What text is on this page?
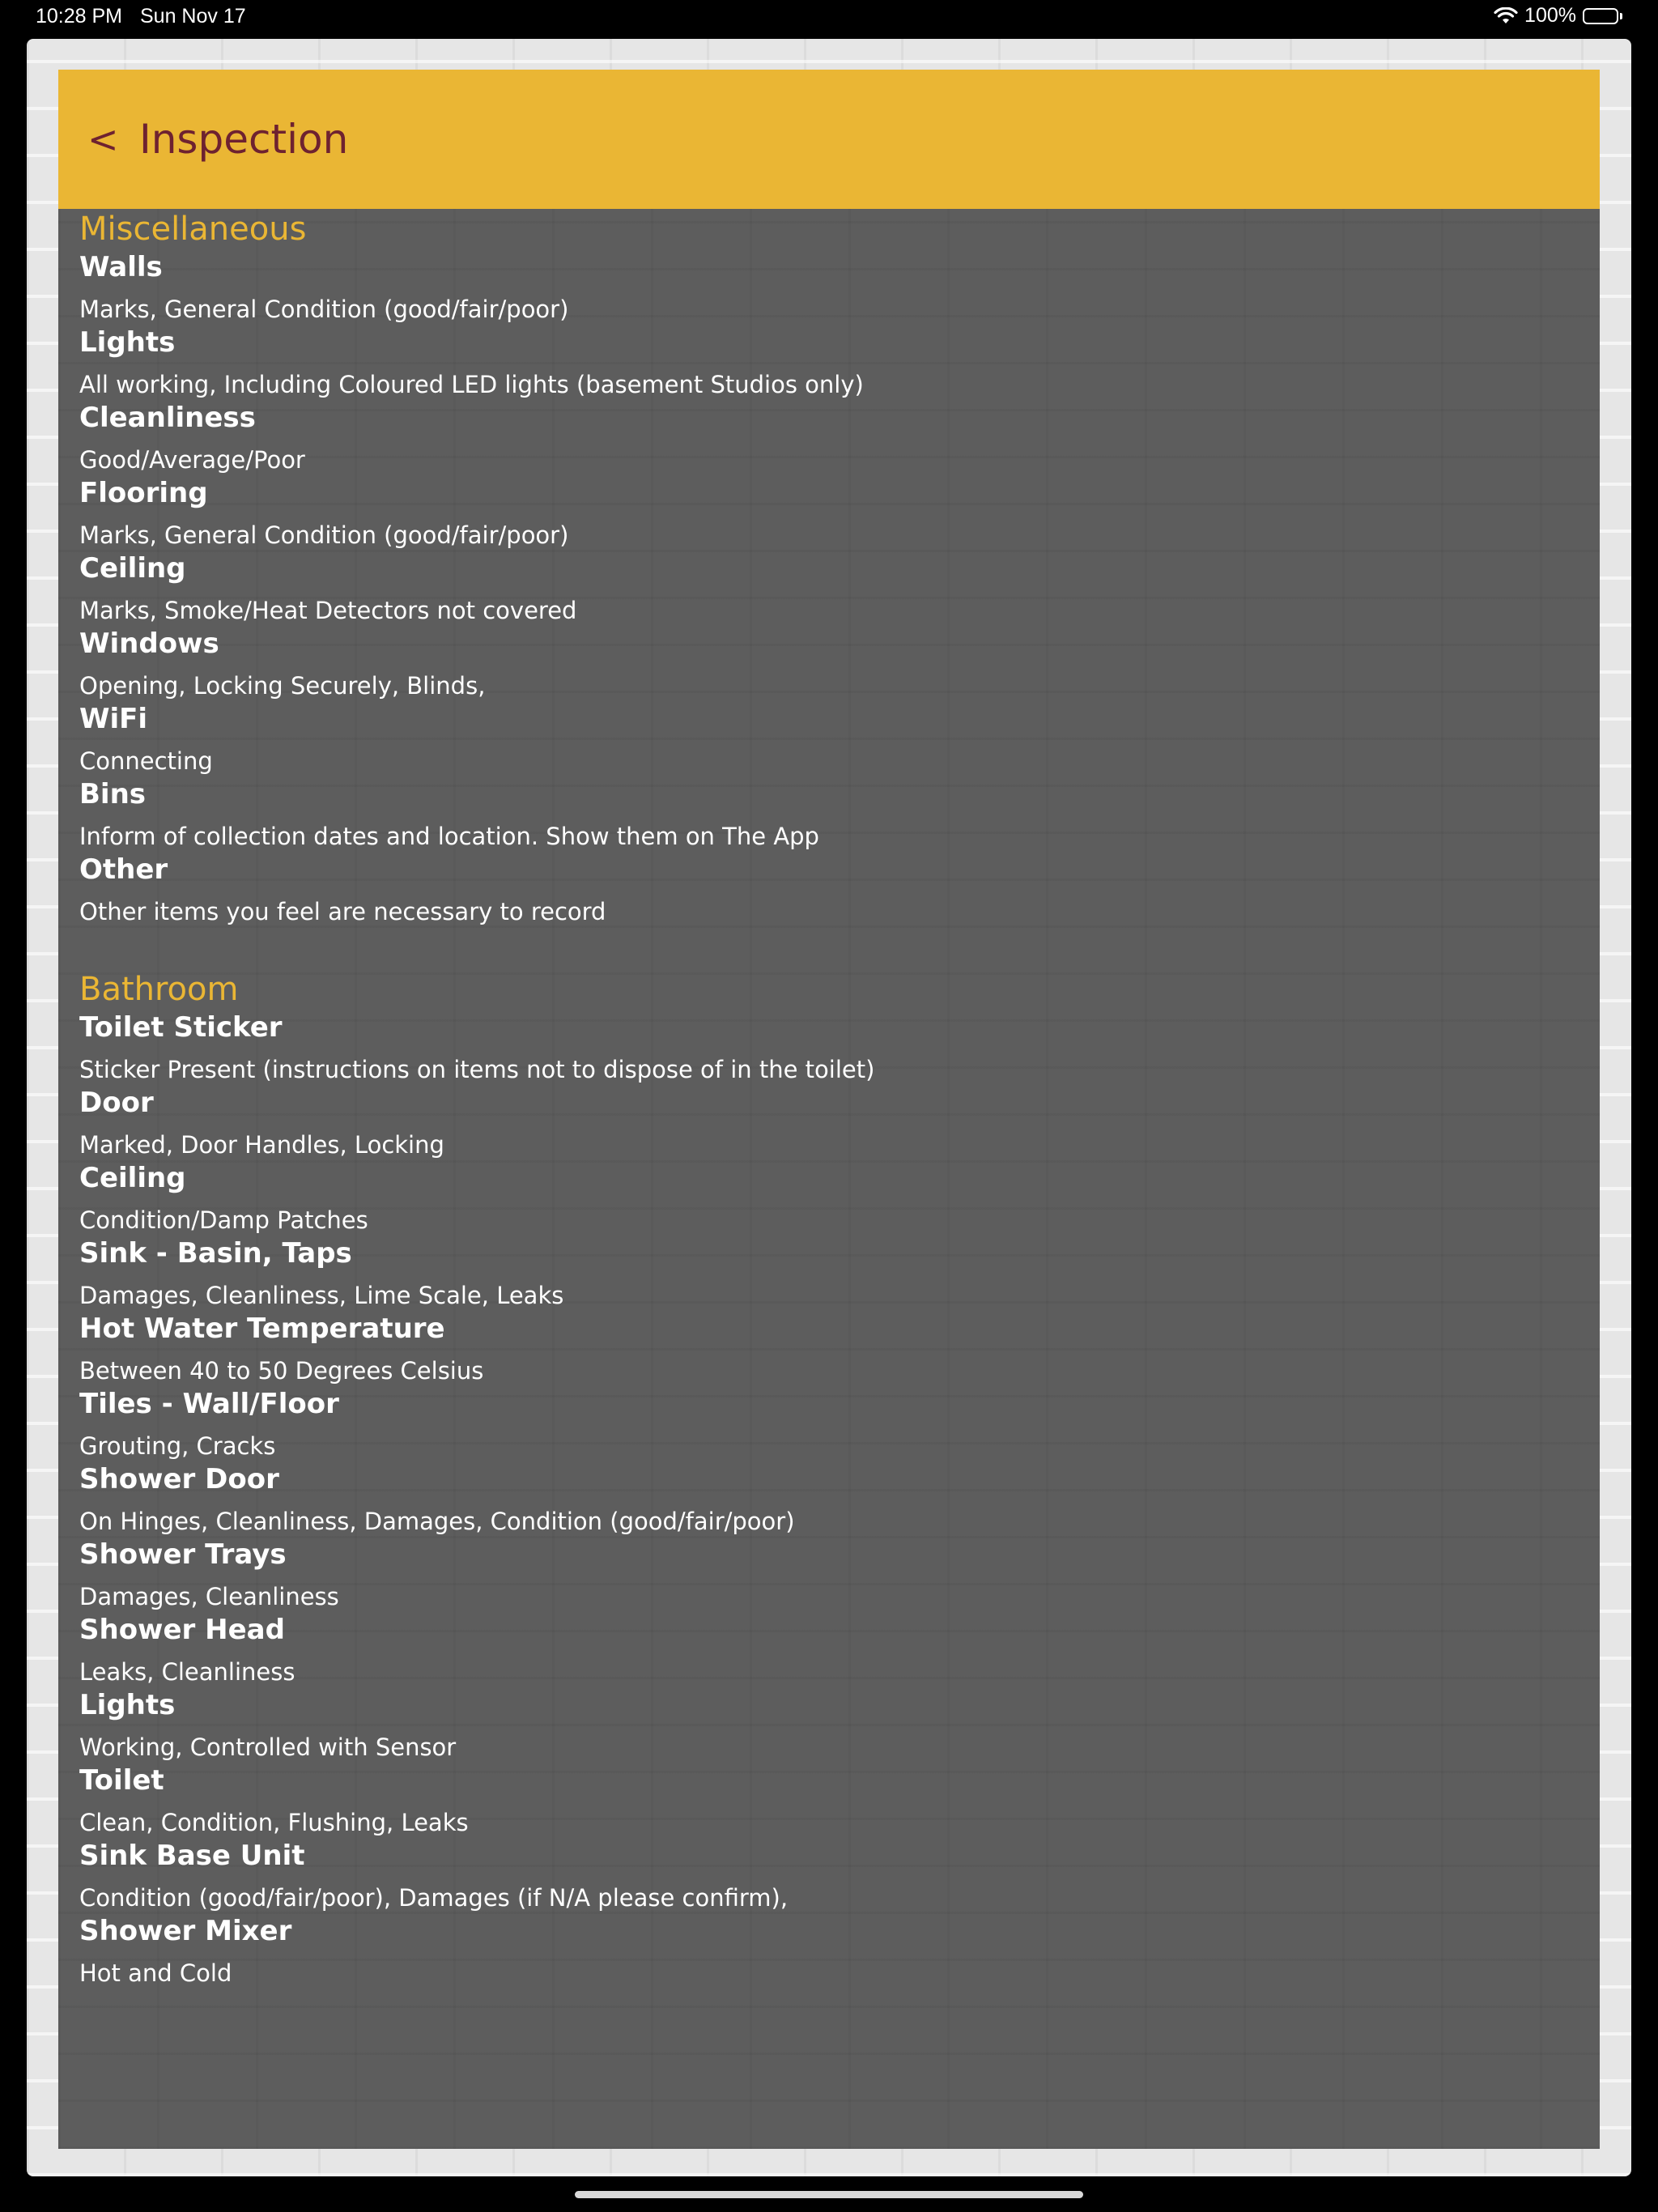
10:28 PM Sun Nov 17	100%
< Inspection
Miscellaneous
Walls
Marks, General Condition (good/fair/poor)
Lights
All working, Including Coloured LED lights (basement Studios only)
Cleanliness
Good/Average/Poor
Flooring
Marks, General Condition (good/fair/poor)
Ceiling
Marks, Smoke/Heat Detectors not covered
Windows
Opening, Locking Securely, Blinds,
WiFi
Connecting
Bins
Inform of collection dates and location. Show them on The App
Other
Other items you feel are necessary to record
Bathroom
Toilet Sticker
Sticker Present (instructions on items not to dispose of in the toilet)
Door
Marked, Door Handles, Locking
Ceiling
Condition/Damp Patches
Sink - Basin, Taps
Damages, Cleanliness, Lime Scale, Leaks
Hot Water Temperature
Between 40 to 50 Degrees Celsius
Tiles - Wall/Floor
Grouting, Cracks
Shower Door
On Hinges, Cleanliness, Damages, Condition (good/fair/poor)
Shower Trays
Damages, Cleanliness
Shower Head
Leaks, Cleanliness
Lights
Working, Controlled with Sensor
Toilet
Clean, Condition, Flushing, Leaks
Sink Base Unit
Condition (good/fair/poor), Damages (if N/A please confirm),
Shower Mixer
Hot and Cold
